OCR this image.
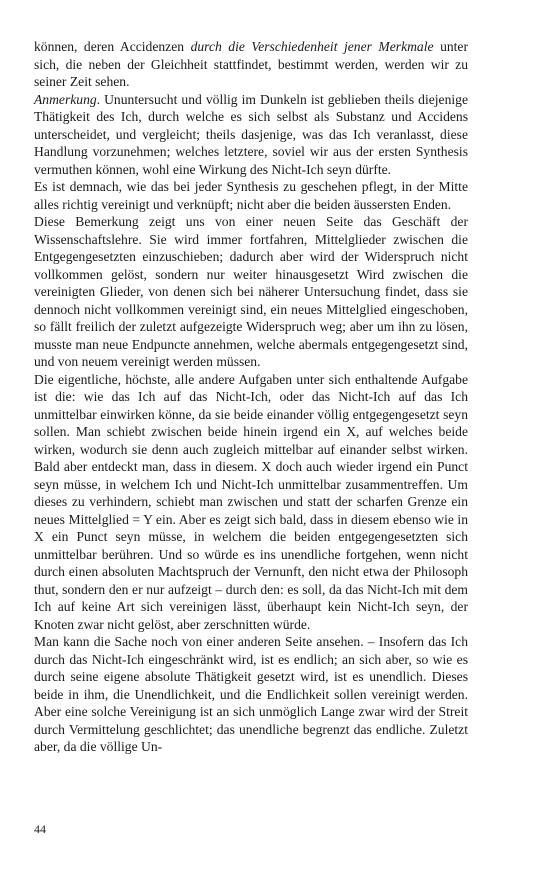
können, deren Accidenzen durch die Verschiedenheit jener Merkmale unter sich, die neben der Gleichheit stattfindet, bestimmt werden, werden wir zu seiner Zeit sehen.

Anmerkung. Ununtersucht und völlig im Dunkeln ist geblieben theils diejenige Thätigkeit des Ich, durch welche es sich selbst als Substanz und Accidens unterscheidet, und vergleicht; theils dasjenige, was das Ich veranlasst, diese Handlung vorzunehmen; welches letztere, soviel wir aus der ersten Synthesis vermuthen können, wohl eine Wirkung des Nicht-Ich seyn dürfte.

Es ist demnach, wie das bei jeder Synthesis zu geschehen pflegt, in der Mitte alles richtig vereinigt und verknüpft; nicht aber die beiden äussersten Enden.

Diese Bemerkung zeigt uns von einer neuen Seite das Geschäft der Wissenschaftslehre. Sie wird immer fortfahren, Mittelglieder zwischen die Entgegengesetzten einzuschieben; dadurch aber wird der Widerspruch nicht vollkommen gelöst, sondern nur weiter hinausgesetzt Wird zwischen die vereinigten Glieder, von denen sich bei näherer Untersuchung findet, dass sie dennoch nicht vollkommen vereinigt sind, ein neues Mittelglied eingeschoben, so fällt freilich der zuletzt aufgezeigte Widerspruch weg; aber um ihn zu lösen, musste man neue Endpuncte annehmen, welche abermals entgegengesetzt sind, und von neuem vereinigt werden müssen.

Die eigentliche, höchste, alle andere Aufgaben unter sich enthaltende Aufgabe ist die: wie das Ich auf das Nicht-Ich, oder das Nicht-Ich auf das Ich unmittelbar einwirken könne, da sie beide einander völlig entgegengesetzt seyn sollen. Man schiebt zwischen beide hinein irgend ein X, auf welches beide wirken, wodurch sie denn auch zugleich mittelbar auf einander selbst wirken. Bald aber entdeckt man, dass in diesem. X doch auch wieder irgend ein Punct seyn müsse, in welchem Ich und Nicht-Ich unmittelbar zusammentreffen. Um dieses zu verhindern, schiebt man zwischen und statt der scharfen Grenze ein neues Mittelglied = Y ein. Aber es zeigt sich bald, dass in diesem ebenso wie in X ein Punct seyn müsse, in welchem die beiden entgegengesetzten sich unmittelbar berühren. Und so würde es ins unendliche fortgehen, wenn nicht durch einen absoluten Machtspruch der Vernunft, den nicht etwa der Philosoph thut, sondern den er nur aufzeigt – durch den: es soll, da das Nicht-Ich mit dem Ich auf keine Art sich vereinigen lässt, überhaupt kein Nicht-Ich seyn, der Knoten zwar nicht gelöst, aber zerschnitten würde.

Man kann die Sache noch von einer anderen Seite ansehen. – Insofern das Ich durch das Nicht-Ich eingeschränkt wird, ist es endlich; an sich aber, so wie es durch seine eigene absolute Thätigkeit gesetzt wird, ist es unendlich. Dieses beide in ihm, die Unendlichkeit, und die Endlichkeit sollen vereinigt werden. Aber eine solche Vereinigung ist an sich unmöglich Lange zwar wird der Streit durch Vermittelung geschlichtet; das unendliche begrenzt das endliche. Zuletzt aber, da die völlige Un-

44
